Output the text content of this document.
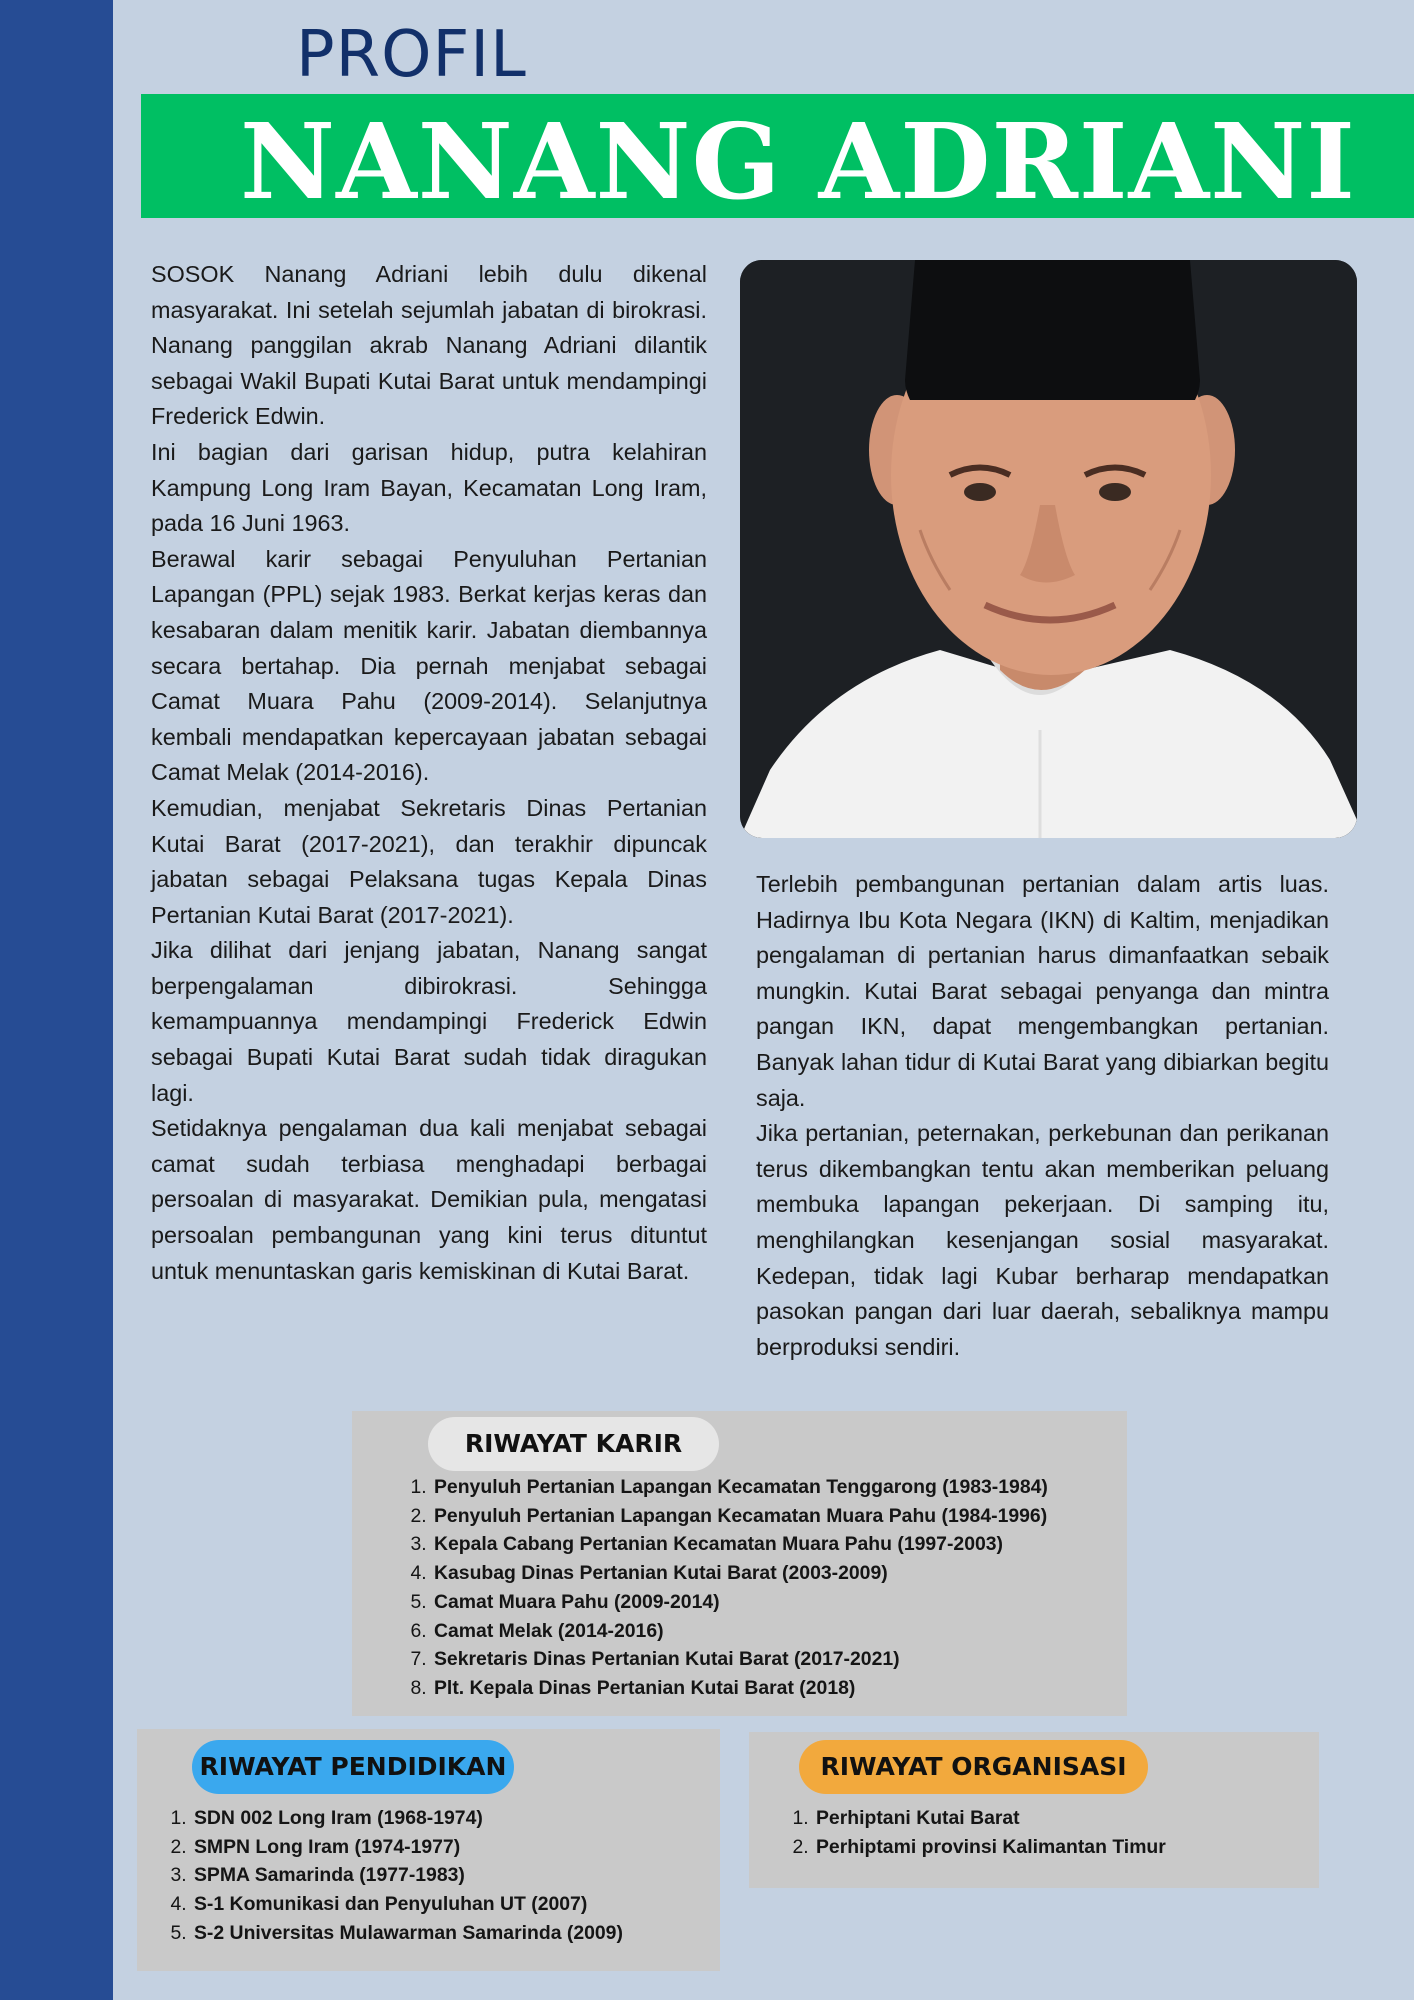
PROFIL
NANANG ADRIANI

SOSOK Nanang Adriani lebih dulu dikenal masyarakat. Ini setelah sejumlah jabatan di birokrasi. Nanang panggilan akrab Nanang Adriani dilantik sebagai Wakil Bupati Kutai Barat untuk mendampingi Frederick Edwin.

Ini bagian dari garisan hidup, putra kelahiran Kampung Long Iram Bayan, Kecamatan Long Iram, pada 16 Juni 1963.

Berawal karir sebagai Penyuluhan Pertanian Lapangan (PPL) sejak 1983. Berkat kerjas keras dan kesabaran dalam menitik karir. Jabatan diembannya secara bertahap. Dia pernah menjabat sebagai Camat Muara Pahu (2009-2014). Selanjutnya kembali mendapatkan kepercayaan jabatan sebagai Camat Melak (2014-2016).

Kemudian, menjabat Sekretaris Dinas Pertanian Kutai Barat (2017-2021), dan terakhir dipuncak jabatan sebagai Pelaksana tugas Kepala Dinas Pertanian Kutai Barat (2017-2021).

Jika dilihat dari jenjang jabatan, Nanang sangat berpengalaman dibirokrasi. Sehingga kemampuannya mendampingi Frederick Edwin sebagai Bupati Kutai Barat sudah tidak diragukan lagi.

Setidaknya pengalaman dua kali menjabat sebagai camat sudah terbiasa menghadapi berbagai persoalan di masyarakat. Demikian pula, mengatasi persoalan pembangunan yang kini terus dituntut untuk menuntaskan garis kemiskinan di Kutai Barat.

Terlebih pembangunan pertanian dalam artis luas. Hadirnya Ibu Kota Negara (IKN) di Kaltim, menjadikan pengalaman di pertanian harus dimanfaatkan sebaik mungkin. Kutai Barat sebagai penyanga dan mintra pangan IKN, dapat mengembangkan pertanian. Banyak lahan tidur di Kutai Barat yang dibiarkan begitu saja.

Jika pertanian, peternakan, perkebunan dan perikanan terus dikembangkan tentu akan memberikan peluang membuka lapangan pekerjaan. Di samping itu, menghilangkan kesenjangan sosial masyarakat. Kedepan, tidak lagi Kubar berharap mendapatkan pasokan pangan dari luar daerah, sebaliknya mampu berproduksi sendiri.

RIWAYAT KARIR
1. Penyuluh Pertanian Lapangan Kecamatan Tenggarong (1983-1984)
2. Penyuluh Pertanian Lapangan Kecamatan Muara Pahu (1984-1996)
3. Kepala Cabang Pertanian Kecamatan Muara Pahu (1997-2003)
4. Kasubag Dinas Pertanian Kutai Barat (2003-2009)
5. Camat Muara Pahu (2009-2014)
6. Camat Melak (2014-2016)
7. Sekretaris Dinas Pertanian Kutai Barat (2017-2021)
8. Plt. Kepala Dinas Pertanian Kutai Barat (2018)
RIWAYAT PENDIDIKAN
1. SDN 002 Long Iram (1968-1974)
2. SMPN Long Iram (1974-1977)
3. SPMA Samarinda (1977-1983)
4. S-1 Komunikasi dan Penyuluhan UT (2007)
5. S-2 Universitas Mulawarman Samarinda (2009)
RIWAYAT ORGANISASI
1. Perhiptani Kutai Barat
2. Perhiptami provinsi Kalimantan Timur
